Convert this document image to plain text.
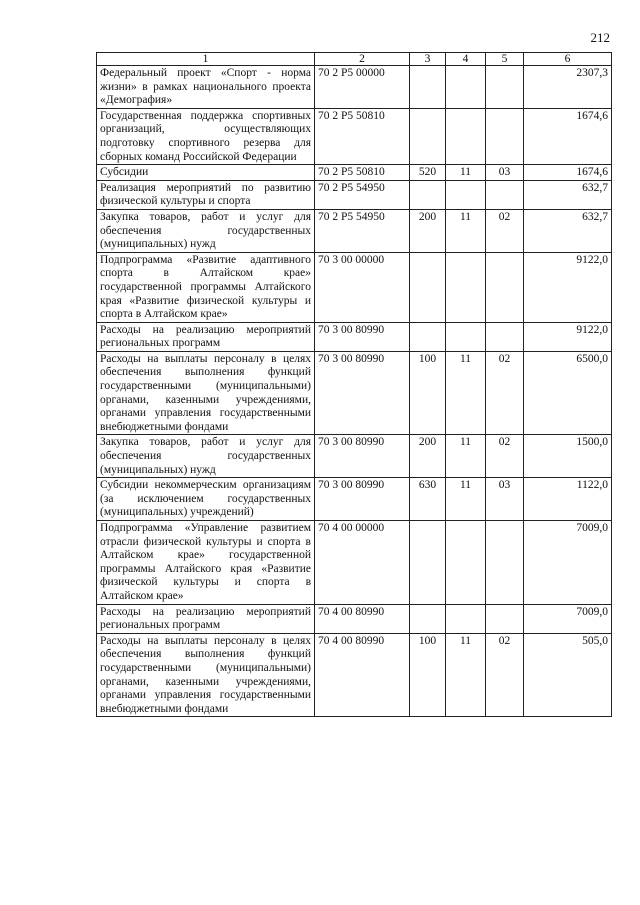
212
1	2	3	4	5	6
Федеральный проект «Спорт - норма жизни» в рамках национального проекта «Демография»	70 2 P5 00000				2307,3
Государственная поддержка спортивных организаций, осуществляющих подготовку спортивного резерва для сборных команд Российской Федерации	70 2 P5 50810				1674,6
Субсидии	70 2 P5 50810	520	11	03	1674,6
Реализация мероприятий по развитию физической культуры и спорта	70 2 P5 54950				632,7
Закупка товаров, работ и услуг для обеспечения государственных (муниципальных) нужд	70 2 P5 54950	200	11	02	632,7
Подпрограмма «Развитие адаптивного спорта в Алтайском крае» государственной программы Алтайского края «Развитие физической культуры и спорта в Алтайском крае»	70 3 00 00000				9122,0
Расходы на реализацию мероприятий региональных программ	70 3 00 80990				9122,0
Расходы на выплаты персоналу в целях обеспечения выполнения функций государственными (муниципальными) органами, казенными учреждениями, органами управления государственными внебюджетными фондами	70 3 00 80990	100	11	02	6500,0
Закупка товаров, работ и услуг для обеспечения государственных (муниципальных) нужд	70 3 00 80990	200	11	02	1500,0
Субсидии некоммерческим организациям (за исключением государственных (муниципальных) учреждений)	70 3 00 80990	630	11	03	1122,0
Подпрограмма «Управление развитием отрасли физической культуры и спорта в Алтайском крае» государственной программы Алтайского края «Развитие физической культуры и спорта в Алтайском крае»	70 4 00 00000				7009,0
Расходы на реализацию мероприятий региональных программ	70 4 00 80990				7009,0
Расходы на выплаты персоналу в целях обеспечения выполнения функций государственными (муниципальными) органами, казенными учреждениями, органами управления государственными внебюджетными фондами	70 4 00 80990	100	11	02	505,0
